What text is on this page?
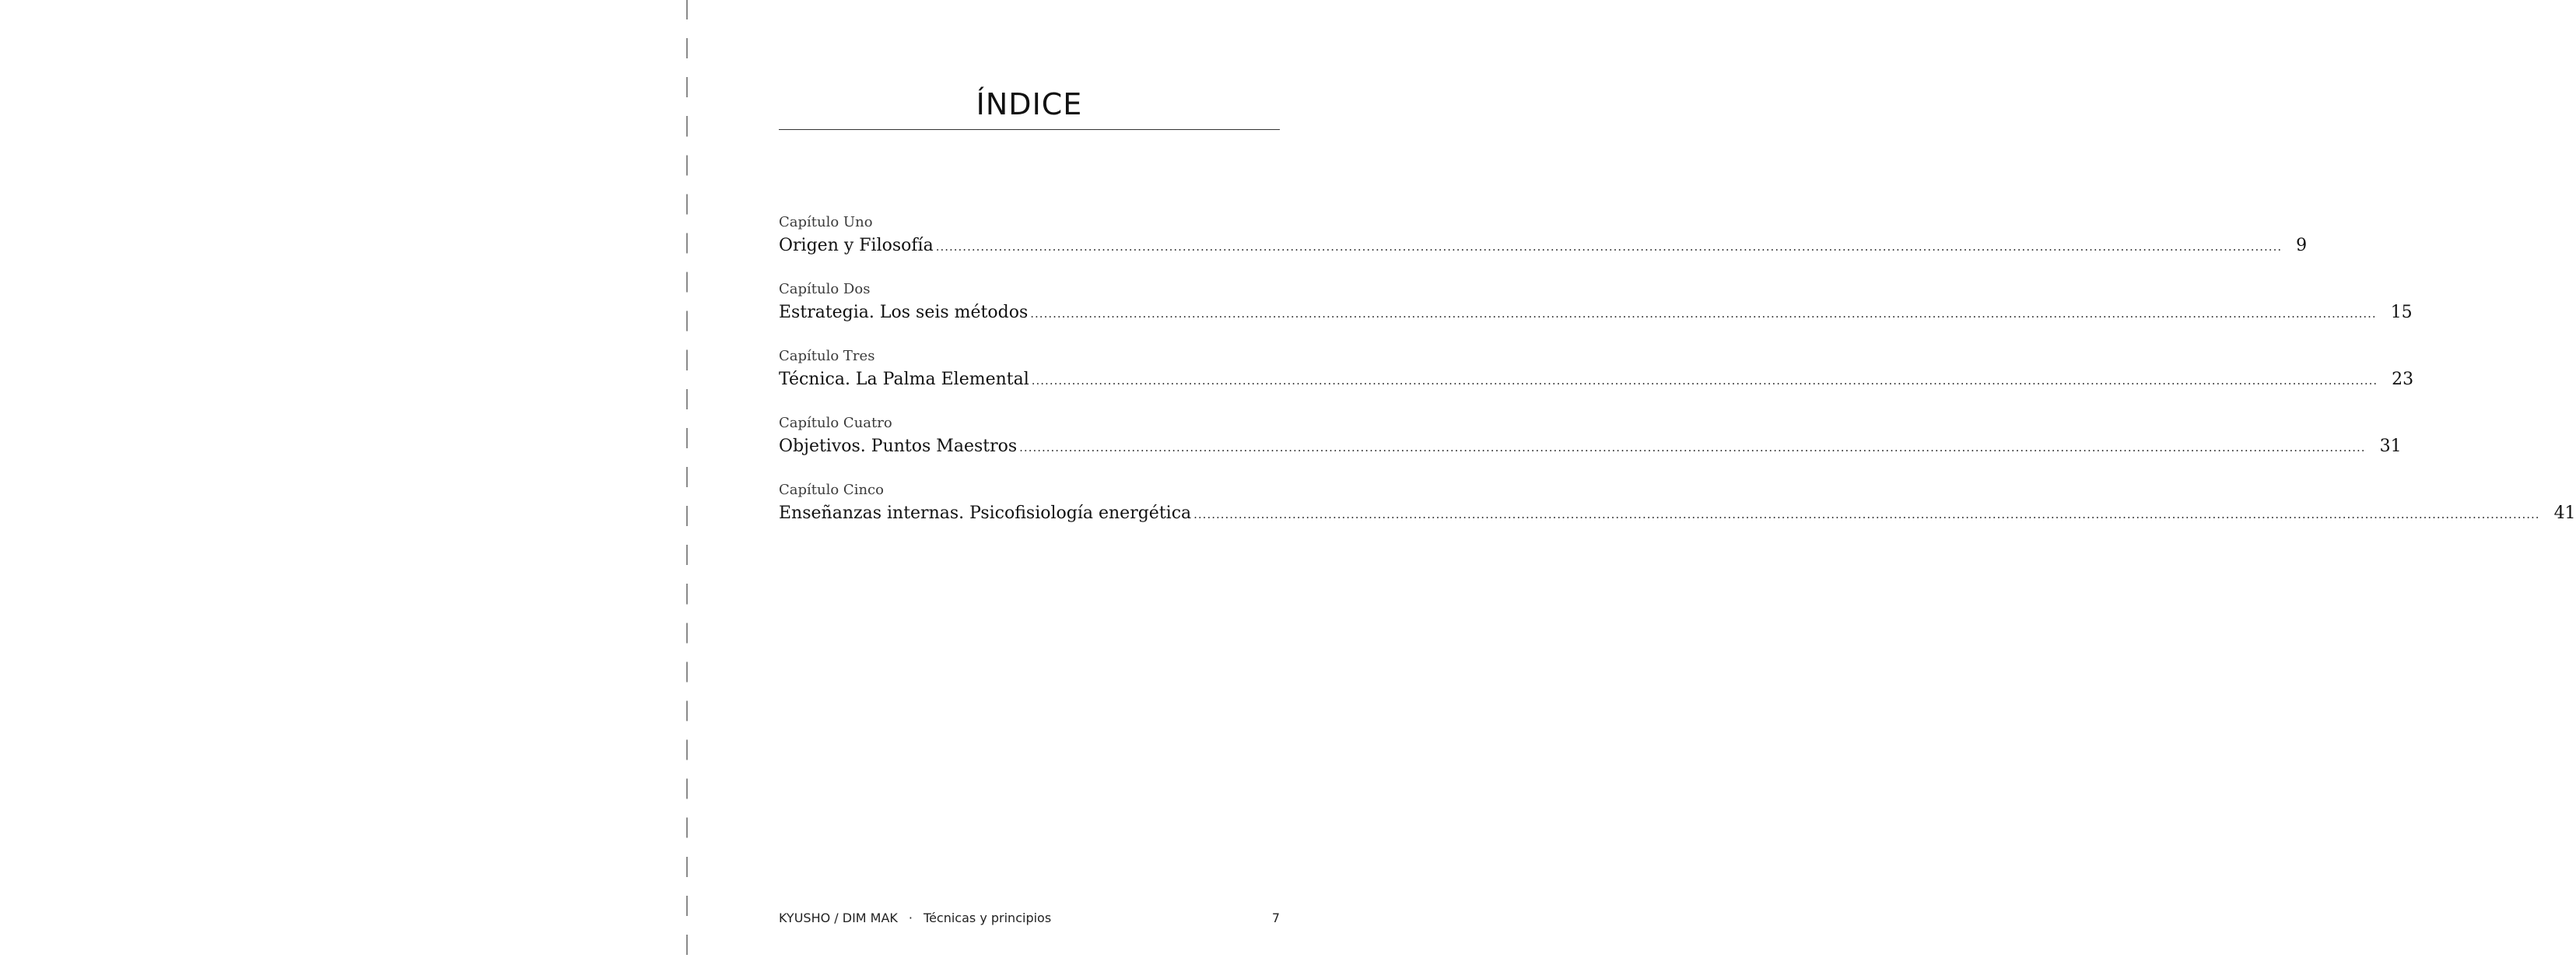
ÍNDICE
Capítulo Uno
Origen y Filosofía ............................................................................................................................................................................................................................................................................................................ 9
Capítulo Dos
Estrategia. Los seis métodos ............................................................................................................................................................................................................................................................................................................ 15
Capítulo Tres
Técnica. La Palma Elemental ............................................................................................................................................................................................................................................................................................................ 23
Capítulo Cuatro
Objetivos. Puntos Maestros ............................................................................................................................................................................................................................................................................................................ 31
Capítulo Cinco
Enseñanzas internas. Psicofisiología energética ............................................................................................................................................................................................................................................................................................................ 41
KYUSHO / DIM MAK · Técnicas y principios	7
